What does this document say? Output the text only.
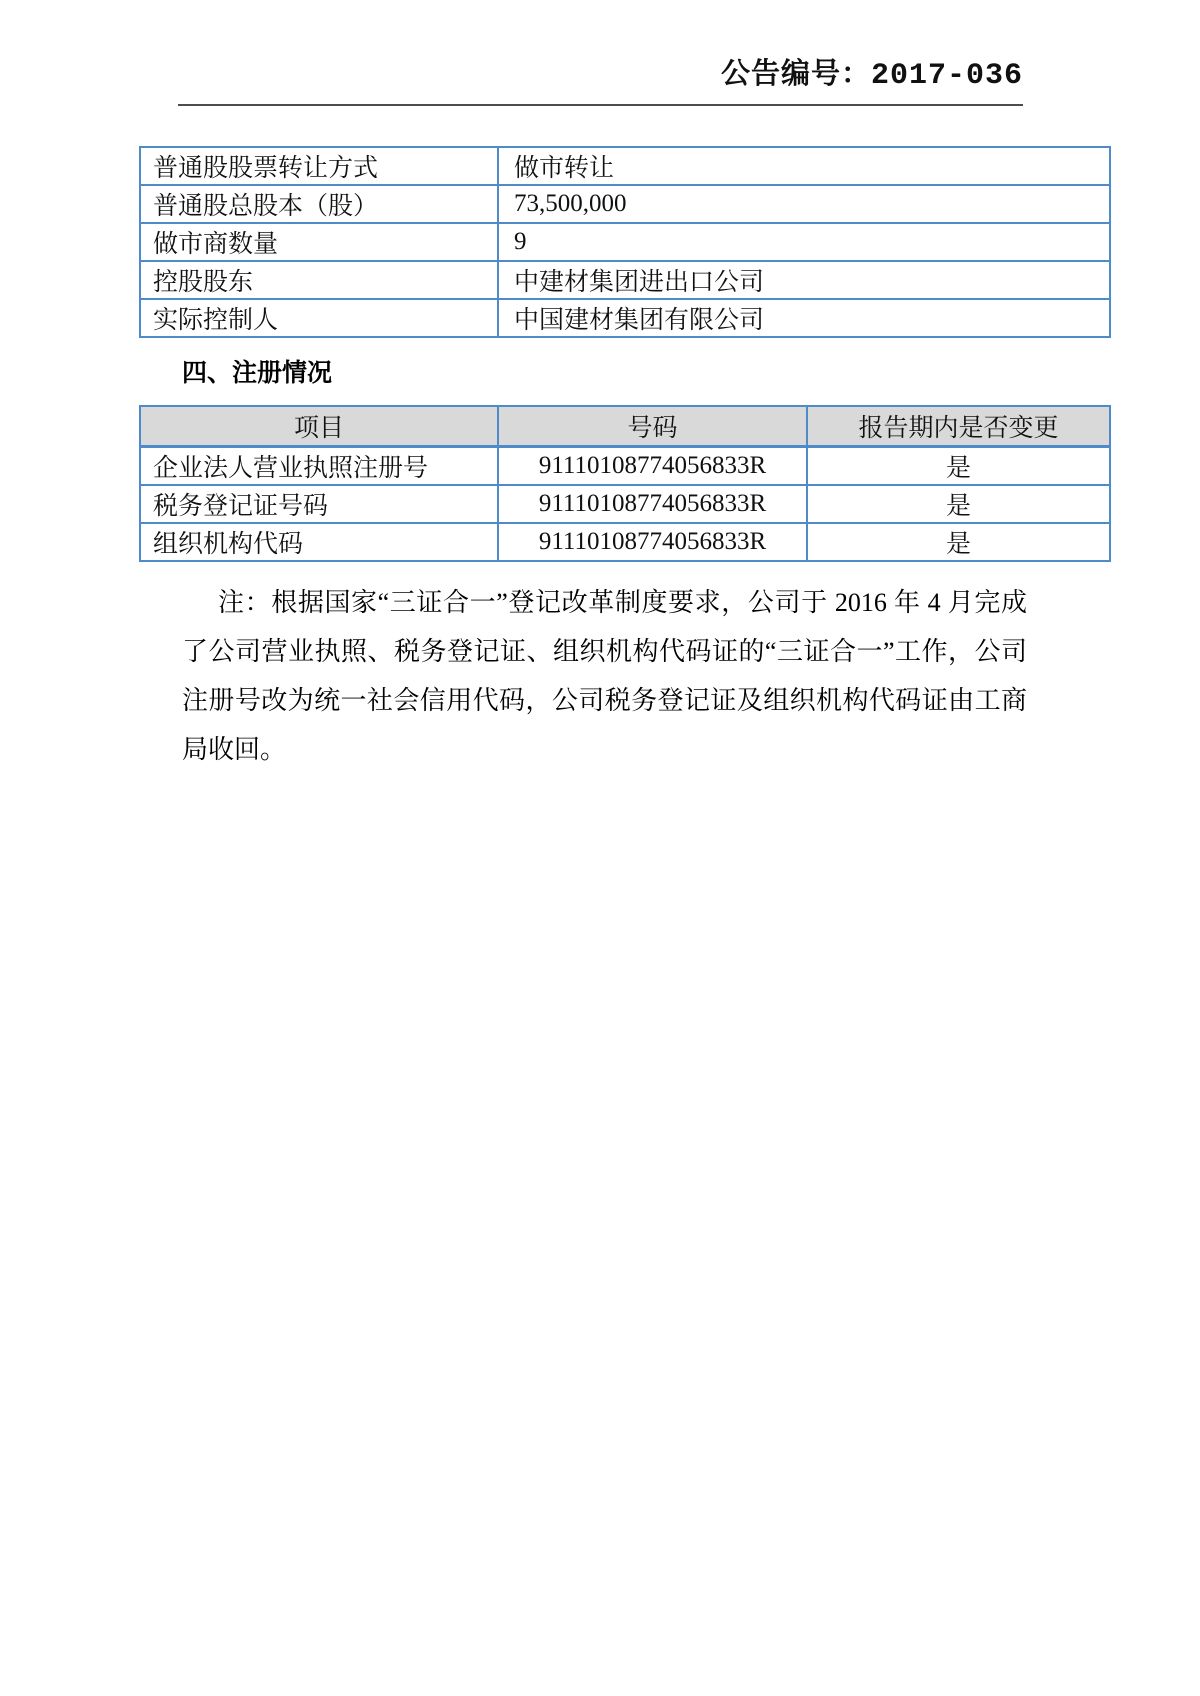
公告编号：2017-036
普通股股票转让方式	做市转让
普通股总股本（股）	73,500,000
做市商数量	9
控股股东	中建材集团进出口公司
实际控制人	中国建材集团有限公司
四、注册情况
项目	号码	报告期内是否变更
企业法人营业执照注册号	91110108774056833R	是
税务登记证号码	91110108774056833R	是
组织机构代码	91110108774056833R	是

注：根据国家“三证合一”登记改革制度要求，公司于 2016 年 4 月完成了公司营业执照、税务登记证、组织机构代码证的“三证合一”工作，公司注册号改为统一社会信用代码，公司税务登记证及组织机构代码证由工商局收回。
